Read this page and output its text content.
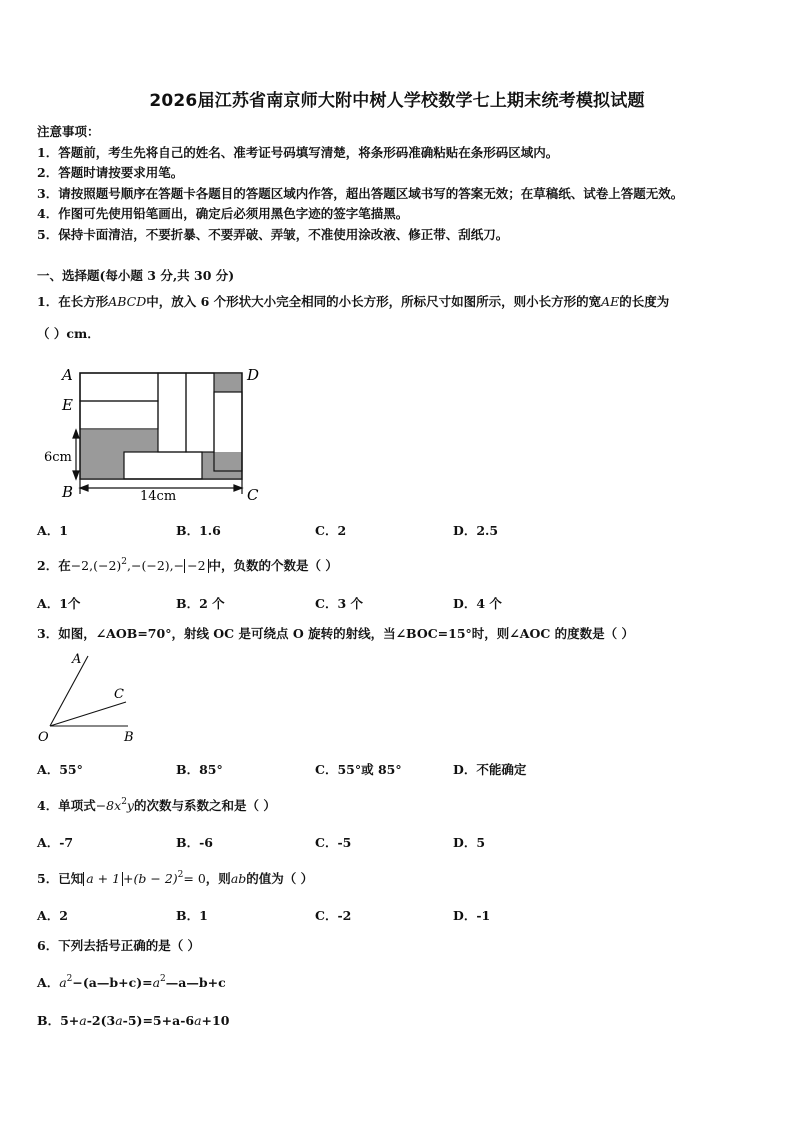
2026届江苏省南京师大附中树人学校数学七上期末统考模拟试题
注意事项：
1．答题前，考生先将自己的姓名、准考证号码填写清楚，将条形码准确粘贴在条形码区域内。
2．答题时请按要求用笔。
3．请按照题号顺序在答题卡各题目的答题区域内作答，超出答题区域书写的答案无效；在草稿纸、试卷上答题无效。
4．作图可先使用铅笔画出，确定后必须用黑色字迹的签字笔描黑。
5．保持卡面清洁，不要折暴、不要弄破、弄皱，不准使用涂改液、修正带、刮纸刀。
一、选择题(每小题 3 分,共 30 分)
1．在长方形ABCD中，放入 6 个形状大小完全相同的小长方形，所标尺寸如图所示，则小长方形的宽AE的长度为
（ ）cm．
A	D
E
B	C
6cm
14cm
A．1	B．1.6	C．2	D．2.5
2．在$-2,(-2)^2,-(-2),- -2$ 中，负数的个数是（ ）
A．1个	B．2 个	C．3 个	D．4 个
3．如图，∠AOB=70°，射线 OC 是可绕点 O 旋转的射线，当∠BOC=15°时，则∠AOC 的度数是（ ）
A
C
O	B
A．55°	B．85°	C．55°或 85°	D．不能确定
4．单项式$-8x^2y$的次数与系数之和是（ ）
A．-7	B．-6	C．-5	D．5
5．已知 $a + 1 +(b - 2)^2= 0$，则ab的值为（ ）
A．2	B．1	C．-2	D．-1
6．下列去括号正确的是（ ）
A．$a^2-(a—b+c)=a^2—a—b+c$
B．5+a-2(3a-5)=5+a-6a+10
